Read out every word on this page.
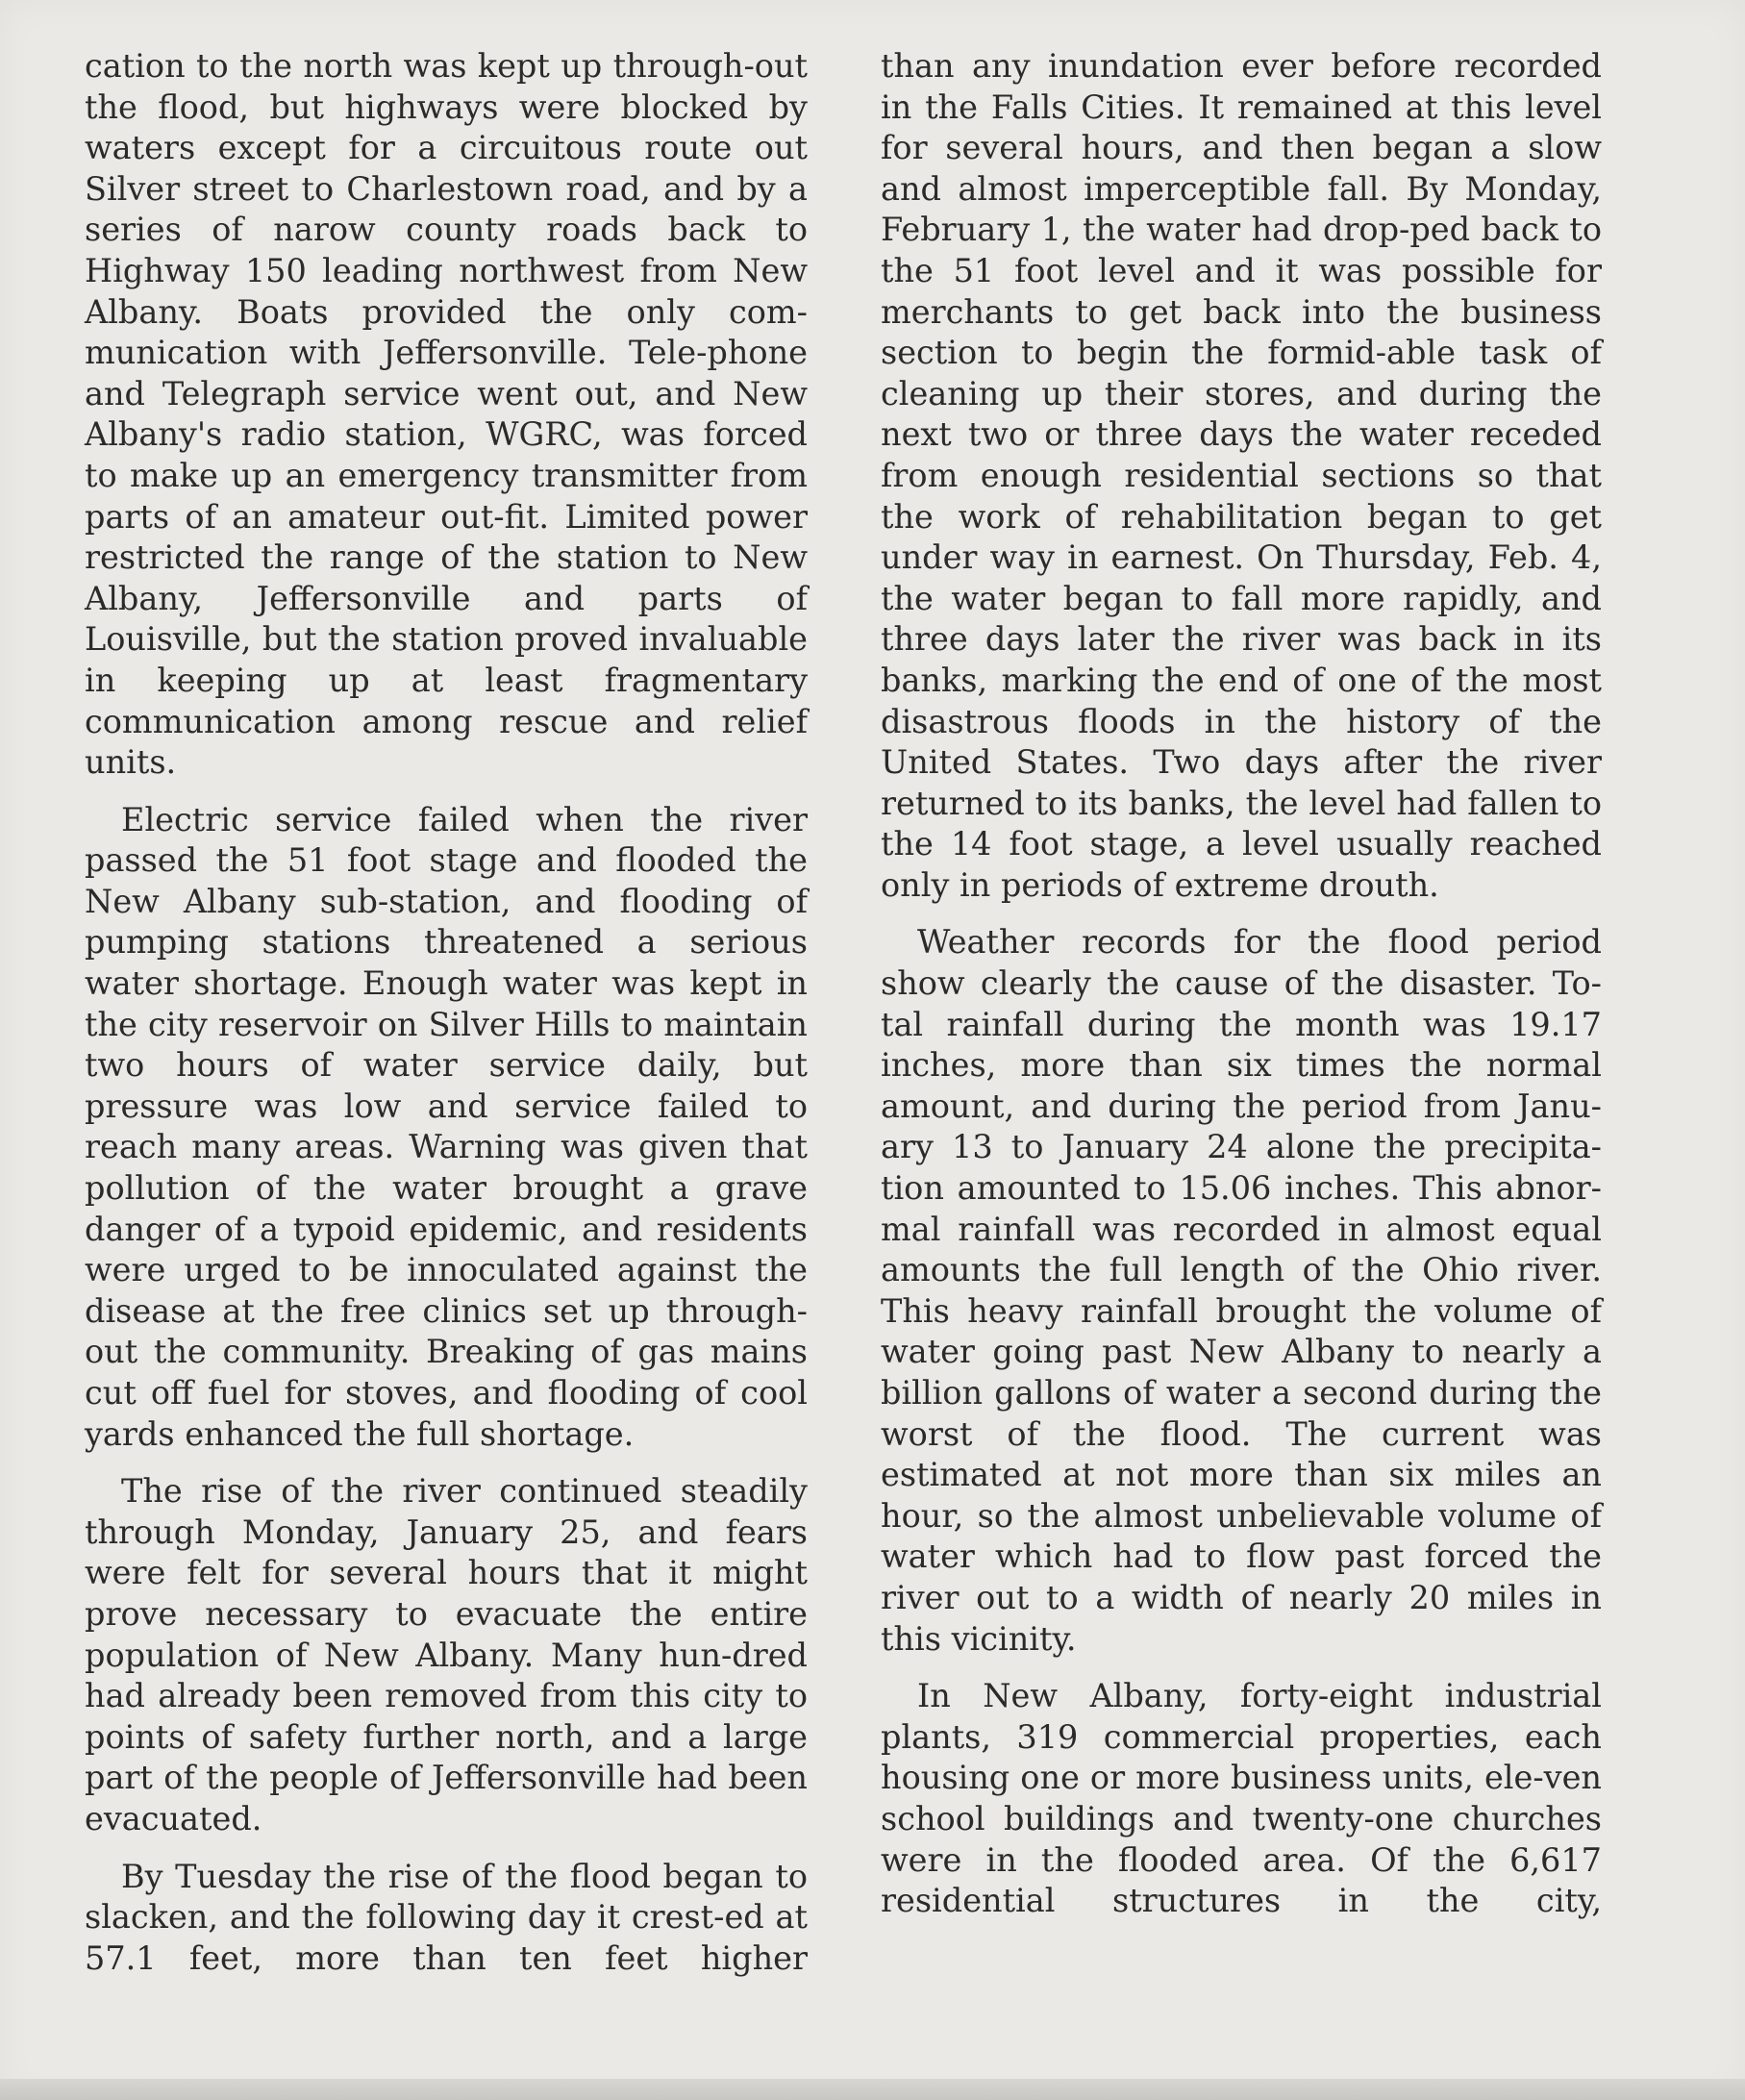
cation to the north was kept up through-out the flood, but highways were blocked by waters except for a circuitous route out Silver street to Charlestown road, and by a series of narow county roads back to Highway 150 leading northwest from New Albany. Boats provided the only com-munication with Jeffersonville. Tele-phone and Telegraph service went out, and New Albany's radio station, WGRC, was forced to make up an emergency transmitter from parts of an amateur out-fit. Limited power restricted the range of the station to New Albany, Jeffersonville and parts of Louisville, but the station proved invaluable in keeping up at least fragmentary communication among rescue and relief units.

Electric service failed when the river passed the 51 foot stage and flooded the New Albany sub-station, and flooding of pumping stations threatened a serious water shortage. Enough water was kept in the city reservoir on Silver Hills to maintain two hours of water service daily, but pressure was low and service failed to reach many areas. Warning was given that pollution of the water brought a grave danger of a typoid epidemic, and residents were urged to be innoculated against the disease at the free clinics set up through-out the community. Breaking of gas mains cut off fuel for stoves, and flooding of cool yards enhanced the full shortage.

The rise of the river continued steadily through Monday, January 25, and fears were felt for several hours that it might prove necessary to evacuate the entire population of New Albany. Many hun-dred had already been removed from this city to points of safety further north, and a large part of the people of Jeffersonville had been evacuated.

By Tuesday the rise of the flood began to slacken, and the following day it crest-ed at 57.1 feet, more than ten feet higher

than any inundation ever before recorded in the Falls Cities. It remained at this level for several hours, and then began a slow and almost imperceptible fall. By Monday, February 1, the water had drop-ped back to the 51 foot level and it was possible for merchants to get back into the business section to begin the formid-able task of cleaning up their stores, and during the next two or three days the water receded from enough residential sections so that the work of rehabilitation began to get under way in earnest. On Thursday, Feb. 4, the water began to fall more rapidly, and three days later the river was back in its banks, marking the end of one of the most disastrous floods in the history of the United States. Two days after the river returned to its banks, the level had fallen to the 14 foot stage, a level usually reached only in periods of extreme drouth.

Weather records for the flood period show clearly the cause of the disaster. To-tal rainfall during the month was 19.17 inches, more than six times the normal amount, and during the period from Janu-ary 13 to January 24 alone the precipita-tion amounted to 15.06 inches. This abnor-mal rainfall was recorded in almost equal amounts the full length of the Ohio river. This heavy rainfall brought the volume of water going past New Albany to nearly a billion gallons of water a second during the worst of the flood. The current was estimated at not more than six miles an hour, so the almost unbelievable volume of water which had to flow past forced the river out to a width of nearly 20 miles in this vicinity.

In New Albany, forty-eight industrial plants, 319 commercial properties, each housing one or more business units, ele-ven school buildings and twenty-one churches were in the flooded area. Of the 6,617 residential structures in the city,
